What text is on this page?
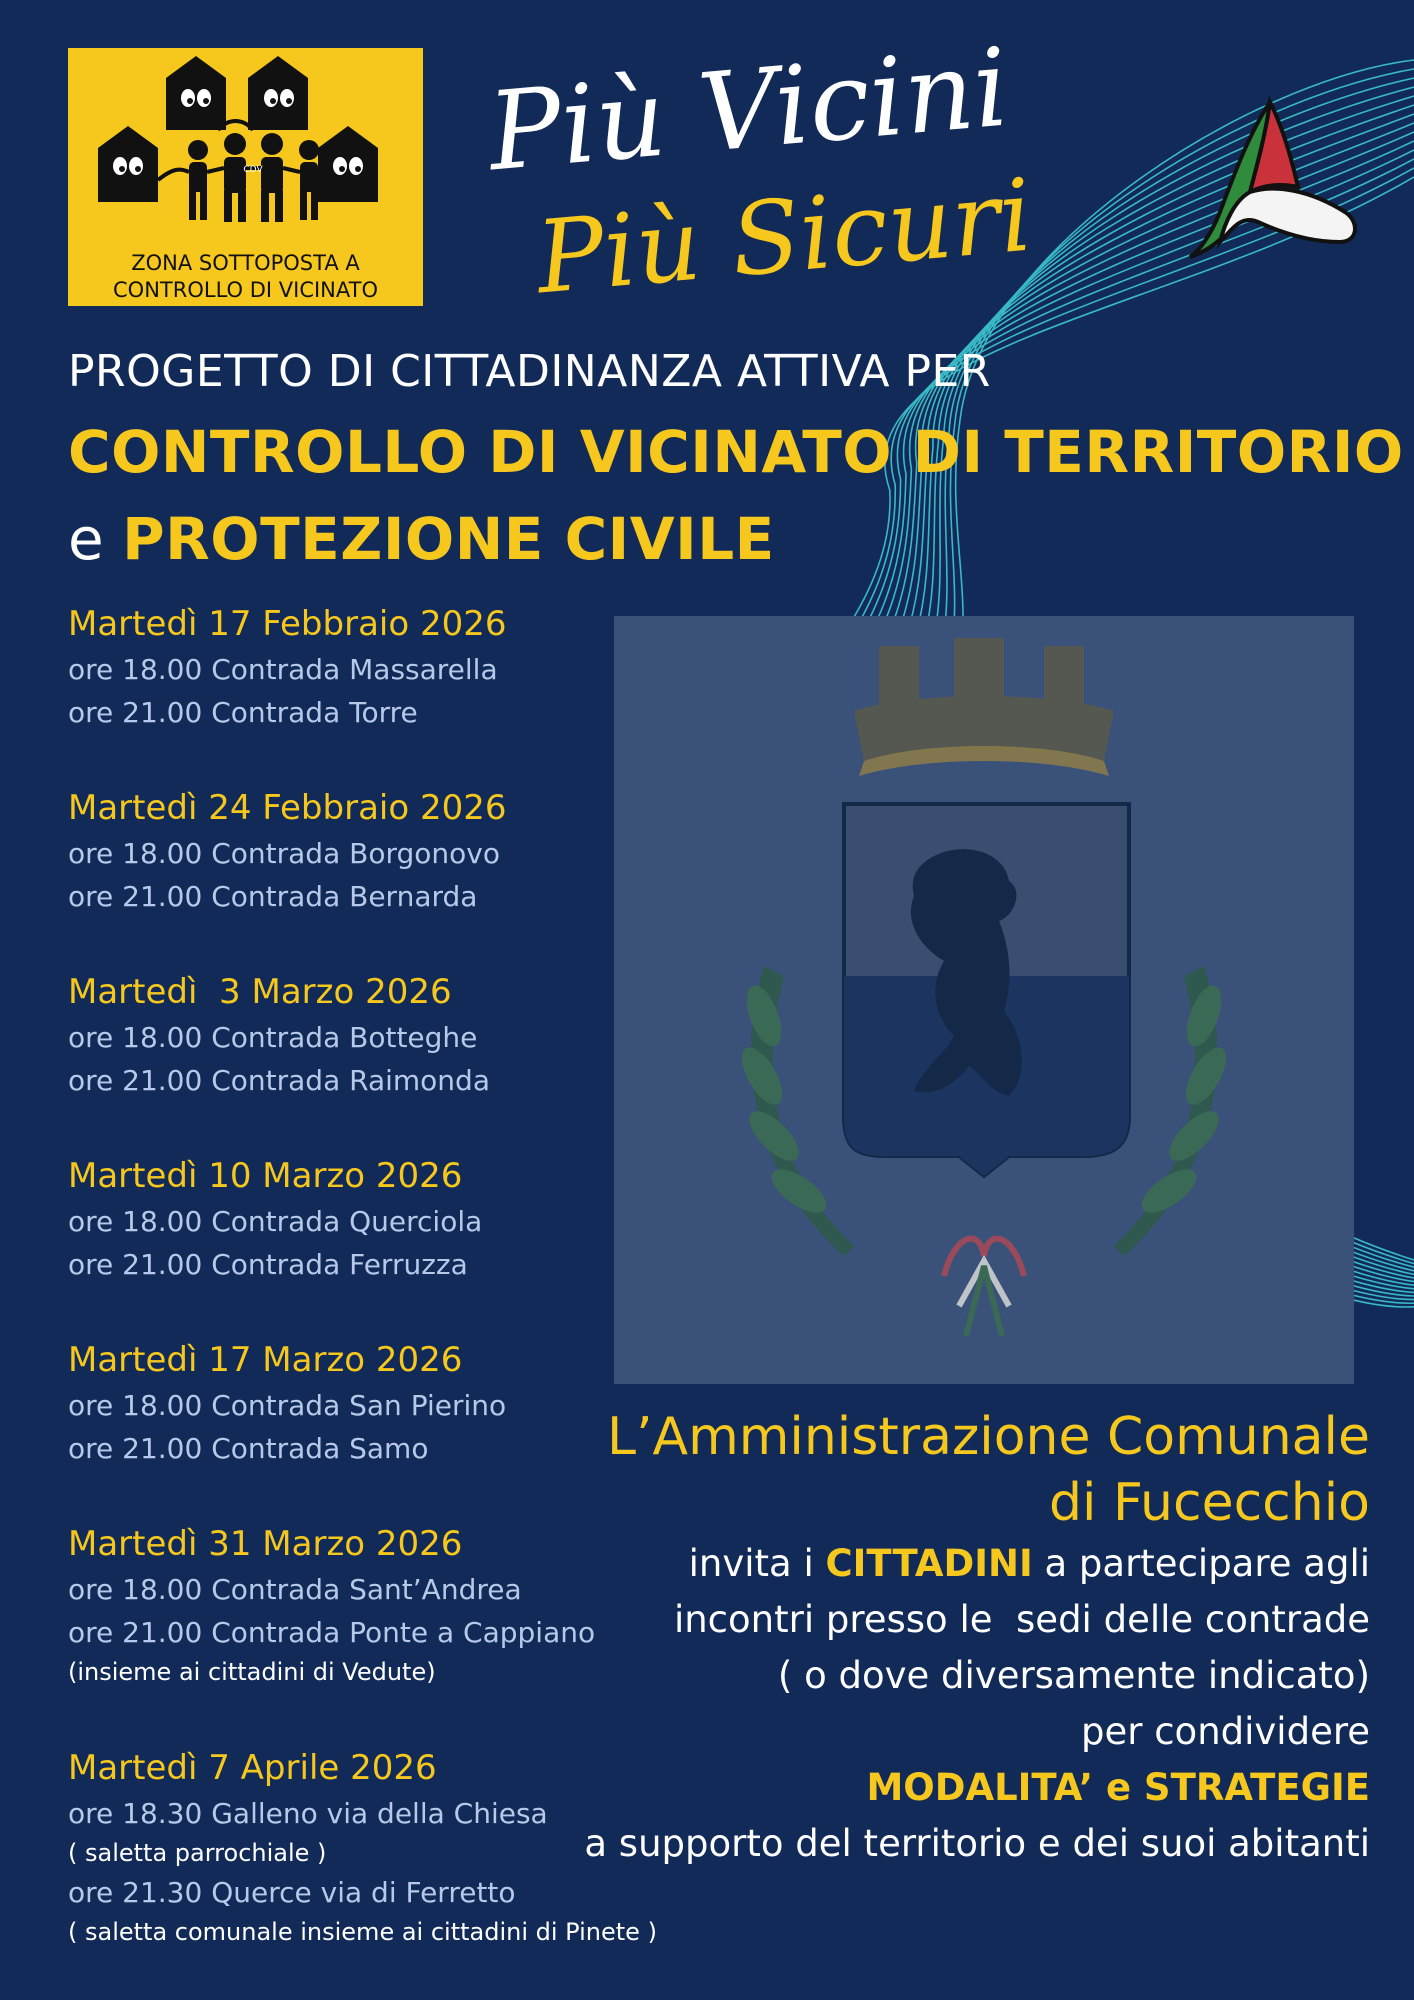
CDV
ZONA SOTTOPOSTA A
CONTROLLO DI VICINATO
Più Vicini
Più Sicuri
PROGETTO DI CITTADINANZA ATTIVA PER
CONTROLLO DI VICINATO DI TERRITORIO
e PROTEZIONE CIVILE
Martedì 17 Febbraio 2026
ore 18.00 Contrada Massarella
ore 21.00 Contrada Torre
Martedì 24 Febbraio 2026
ore 18.00 Contrada Borgonovo
ore 21.00 Contrada Bernarda
Martedì  3 Marzo 2026
ore 18.00 Contrada Botteghe
ore 21.00 Contrada Raimonda
Martedì 10 Marzo 2026
ore 18.00 Contrada Querciola
ore 21.00 Contrada Ferruzza
Martedì 17 Marzo 2026
ore 18.00 Contrada San Pierino
ore 21.00 Contrada Samo
Martedì 31 Marzo 2026
ore 18.00 Contrada Sant’Andrea
ore 21.00 Contrada Ponte a Cappiano
(insieme ai cittadini di Vedute)
Martedì 7 Aprile 2026
ore 18.30 Galleno via della Chiesa
( saletta parrochiale )
ore 21.30 Querce via di Ferretto
( saletta comunale insieme ai cittadini di Pinete )
L’Amministrazione Comunale
di Fucecchio
invita i CITTADINI a partecipare agli
incontri presso le  sedi delle contrade
( o dove diversamente indicato)
per condividere
MODALITA’ e STRATEGIE
a supporto del territorio e dei suoi abitanti
